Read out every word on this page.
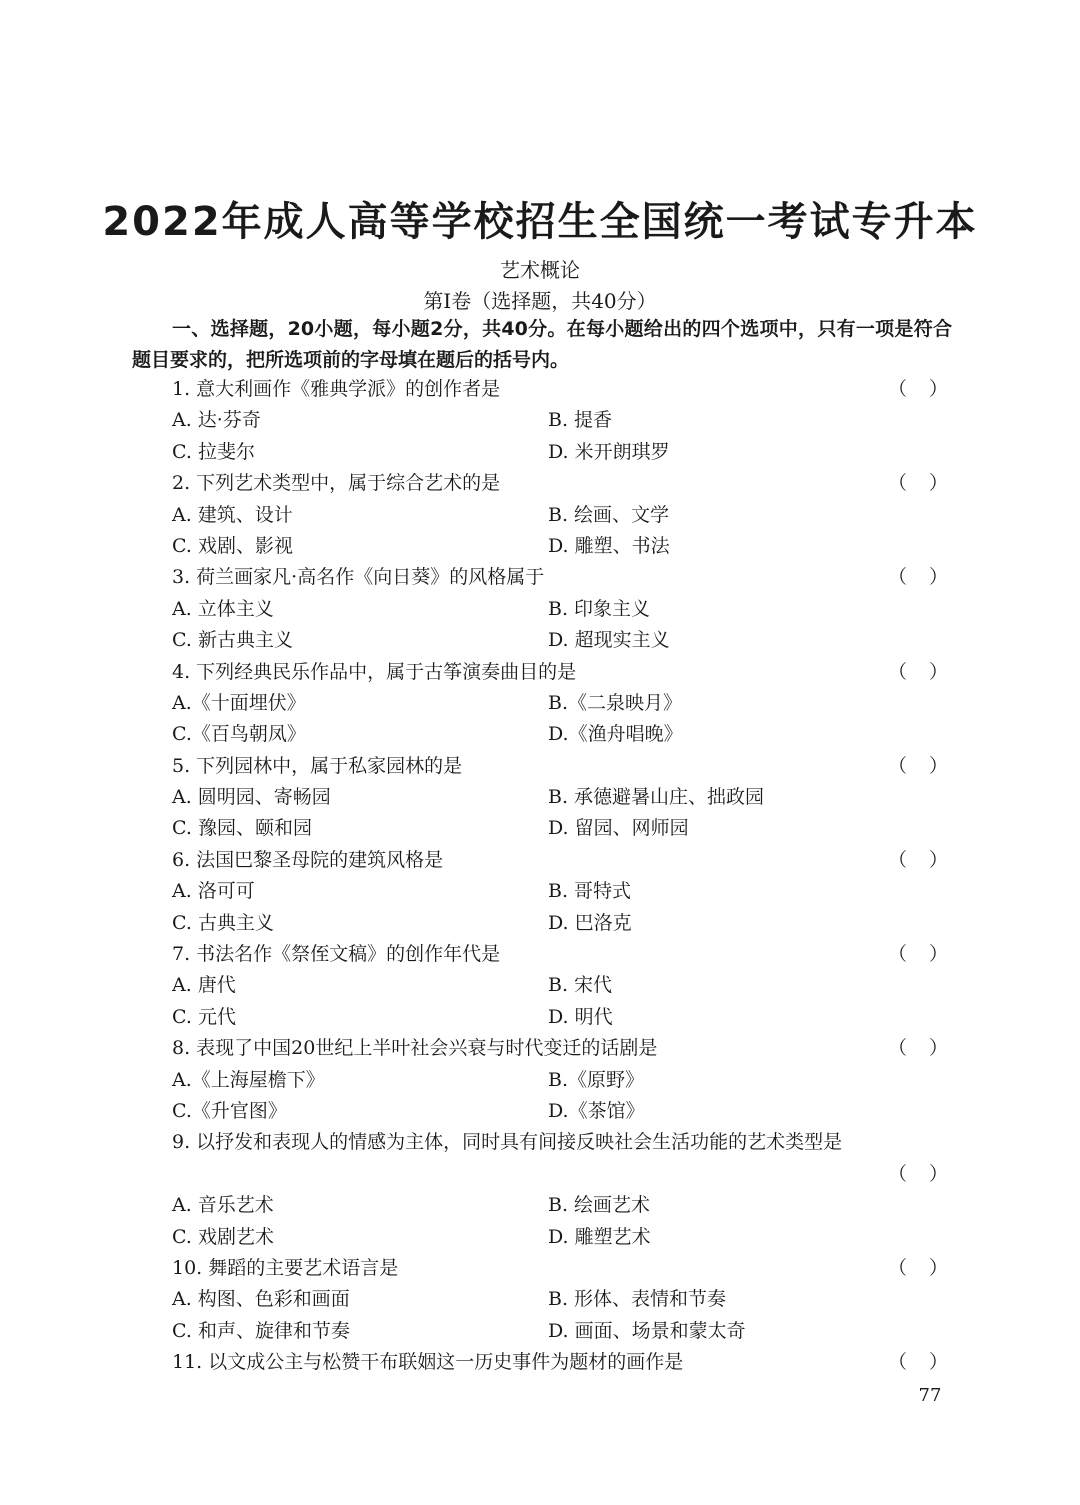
2022年成人高等学校招生全国统一考试专升本
艺术概论
第Ⅰ卷（选择题，共40分）

一、选择题，20小题，每小题2分，共40分。在每小题给出的四个选项中，只有一项是符合题目要求的，把所选项前的字母填在题后的括号内。

1. 意大利画作《雅典学派》的创作者是	（ ）
A. 达·芬奇	B. 提香
C. 拉斐尔	D. 米开朗琪罗
2. 下列艺术类型中，属于综合艺术的是	（ ）
A. 建筑、设计	B. 绘画、文学
C. 戏剧、影视	D. 雕塑、书法
3. 荷兰画家凡·高名作《向日葵》的风格属于	（ ）
A. 立体主义	B. 印象主义
C. 新古典主义	D. 超现实主义
4. 下列经典民乐作品中，属于古筝演奏曲目的是	（ ）
A.《十面埋伏》	B.《二泉映月》
C.《百鸟朝凤》	D.《渔舟唱晚》
5. 下列园林中，属于私家园林的是	（ ）
A. 圆明园、寄畅园	B. 承德避暑山庄、拙政园
C. 豫园、颐和园	D. 留园、网师园
6. 法国巴黎圣母院的建筑风格是	（ ）
A. 洛可可	B. 哥特式
C. 古典主义	D. 巴洛克
7. 书法名作《祭侄文稿》的创作年代是	（ ）
A. 唐代	B. 宋代
C. 元代	D. 明代
8. 表现了中国20世纪上半叶社会兴衰与时代变迁的话剧是	（ ）
A.《上海屋檐下》	B.《原野》
C.《升官图》	D.《茶馆》
9. 以抒发和表现人的情感为主体，同时具有间接反映社会生活功能的艺术类型是
（ ）
A. 音乐艺术	B. 绘画艺术
C. 戏剧艺术	D. 雕塑艺术
10. 舞蹈的主要艺术语言是	（ ）
A. 构图、色彩和画面	B. 形体、表情和节奏
C. 和声、旋律和节奏	D. 画面、场景和蒙太奇
11. 以文成公主与松赞干布联姻这一历史事件为题材的画作是	（ ）
77
